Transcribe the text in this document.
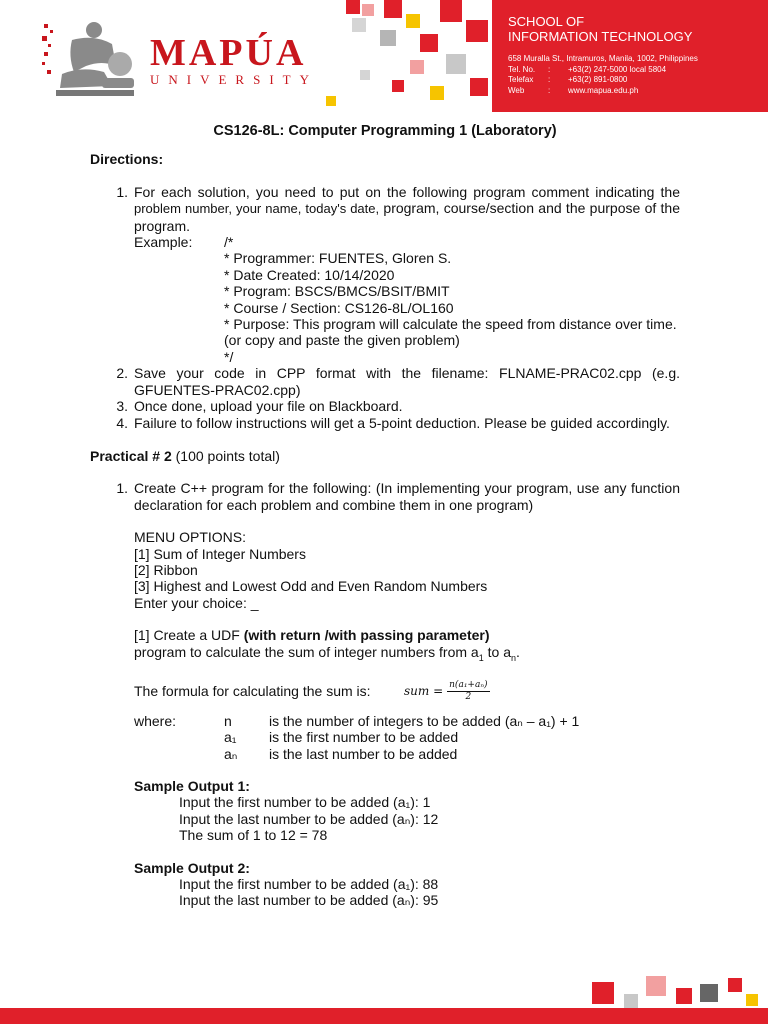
MAPÚA
UNIVERSITY
SCHOOL OF
INFORMATION TECHNOLOGY
658 Muralla St., Intramuros, Manila, 1002, Philippines
Tel. No.	:	+63(2) 247-5000 local 5804
Telefax	:	+63(2) 891-0800
Web	:	www.mapua.edu.ph
CS126-8L: Computer Programming 1 (Laboratory)
Directions:
1. For each solution, you need to put on the following program comment indicating the problem number, your name, today's date, program, course/section and the purpose of the program.
Example:	/*
* Programmer: FUENTES, Gloren S.
* Date Created: 10/14/2020
* Program: BSCS/BMCS/BSIT/BMIT
* Course / Section: CS126-8L/OL160
* Purpose: This program will calculate the speed from distance over time.
(or copy and paste the given problem)
*/
2. Save your code in CPP format with the filename: FLNAME-PRAC02.cpp (e.g. GFUENTES-PRAC02.cpp)
3. Once done, upload your file on Blackboard.
4. Failure to follow instructions will get a 5-point deduction. Please be guided accordingly.
Practical # 2 (100 points total)
1. Create C++ program for the following: (In implementing your program, use any function declaration for each problem and combine them in one program)
MENU OPTIONS:
[1] Sum of Integer Numbers
[2] Ribbon
[3] Highest and Lowest Odd and Even Random Numbers
Enter your choice: _
[1] Create a UDF (with return /with passing parameter)
program to calculate the sum of integer numbers from $a_1$ to $a_n$.
The formula for calculating the sum is:	sum = $\frac{\text{n(a₁+aₙ)}}{2}$
where:	n	is the number of integers to be added (aₙ – a₁) + 1
a₁	is the first number to be added
aₙ	is the last number to be added
Sample Output 1:
Input the first number to be added (a₁): 1
Input the last number to be added (aₙ): 12
The sum of 1 to 12 = 78
Sample Output 2:
Input the first number to be added (a₁): 88
Input the last number to be added (aₙ): 95
